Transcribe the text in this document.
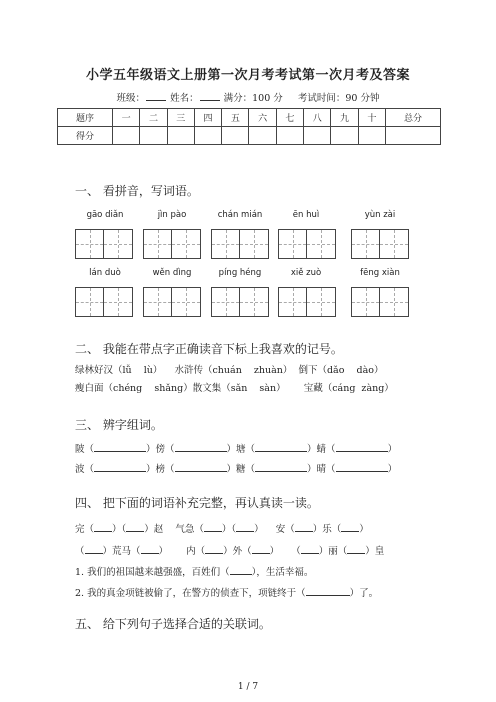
小学五年级语文上册第一次月考考试第一次月考及答案
班级：	姓名：	满分：100 分 考试时间：90 分钟
题序	一	二	三	四	五	六	七	八	九	十	总分
得分											
一、 看拼音，写词语。
gāo diǎn	jìn pào	chán mián	ēn huì	yùn zài
lán duò	wěn dìng	píng héng	xiě zuò	fēng xiàn
二、 我能在带点字正确读音下标上我喜欢的记号。
绿林好汉（lǚ    lù）    水浒传（chuán    zhuàn）  倒下（dǎo    dào）
瘦白面（chéng    shǎng）散文集（sǎn    sàn）      宝藏（cáng  zàng）
三、 辨字组词。
陂（	）傍（	）塘（	）蜻（	）
波（	）榜（	）糖（	）晴（	）
四、 把下面的词语补充完整，再认真读一读。
完（ ）（ ）赵    气急（ ）（ ）    安（ ）乐（ ）
（ ）荒马（ ）      内（ ）外（ ）    （ ）丽（ ）皇
1. 我们的祖国越来越强盛，百姓们（ ），生活幸福。
2. 我的真金项链被偷了，在警方的侦查下，项链终于（	）了。
五、 给下列句子选择合适的关联词。
1 / 7
